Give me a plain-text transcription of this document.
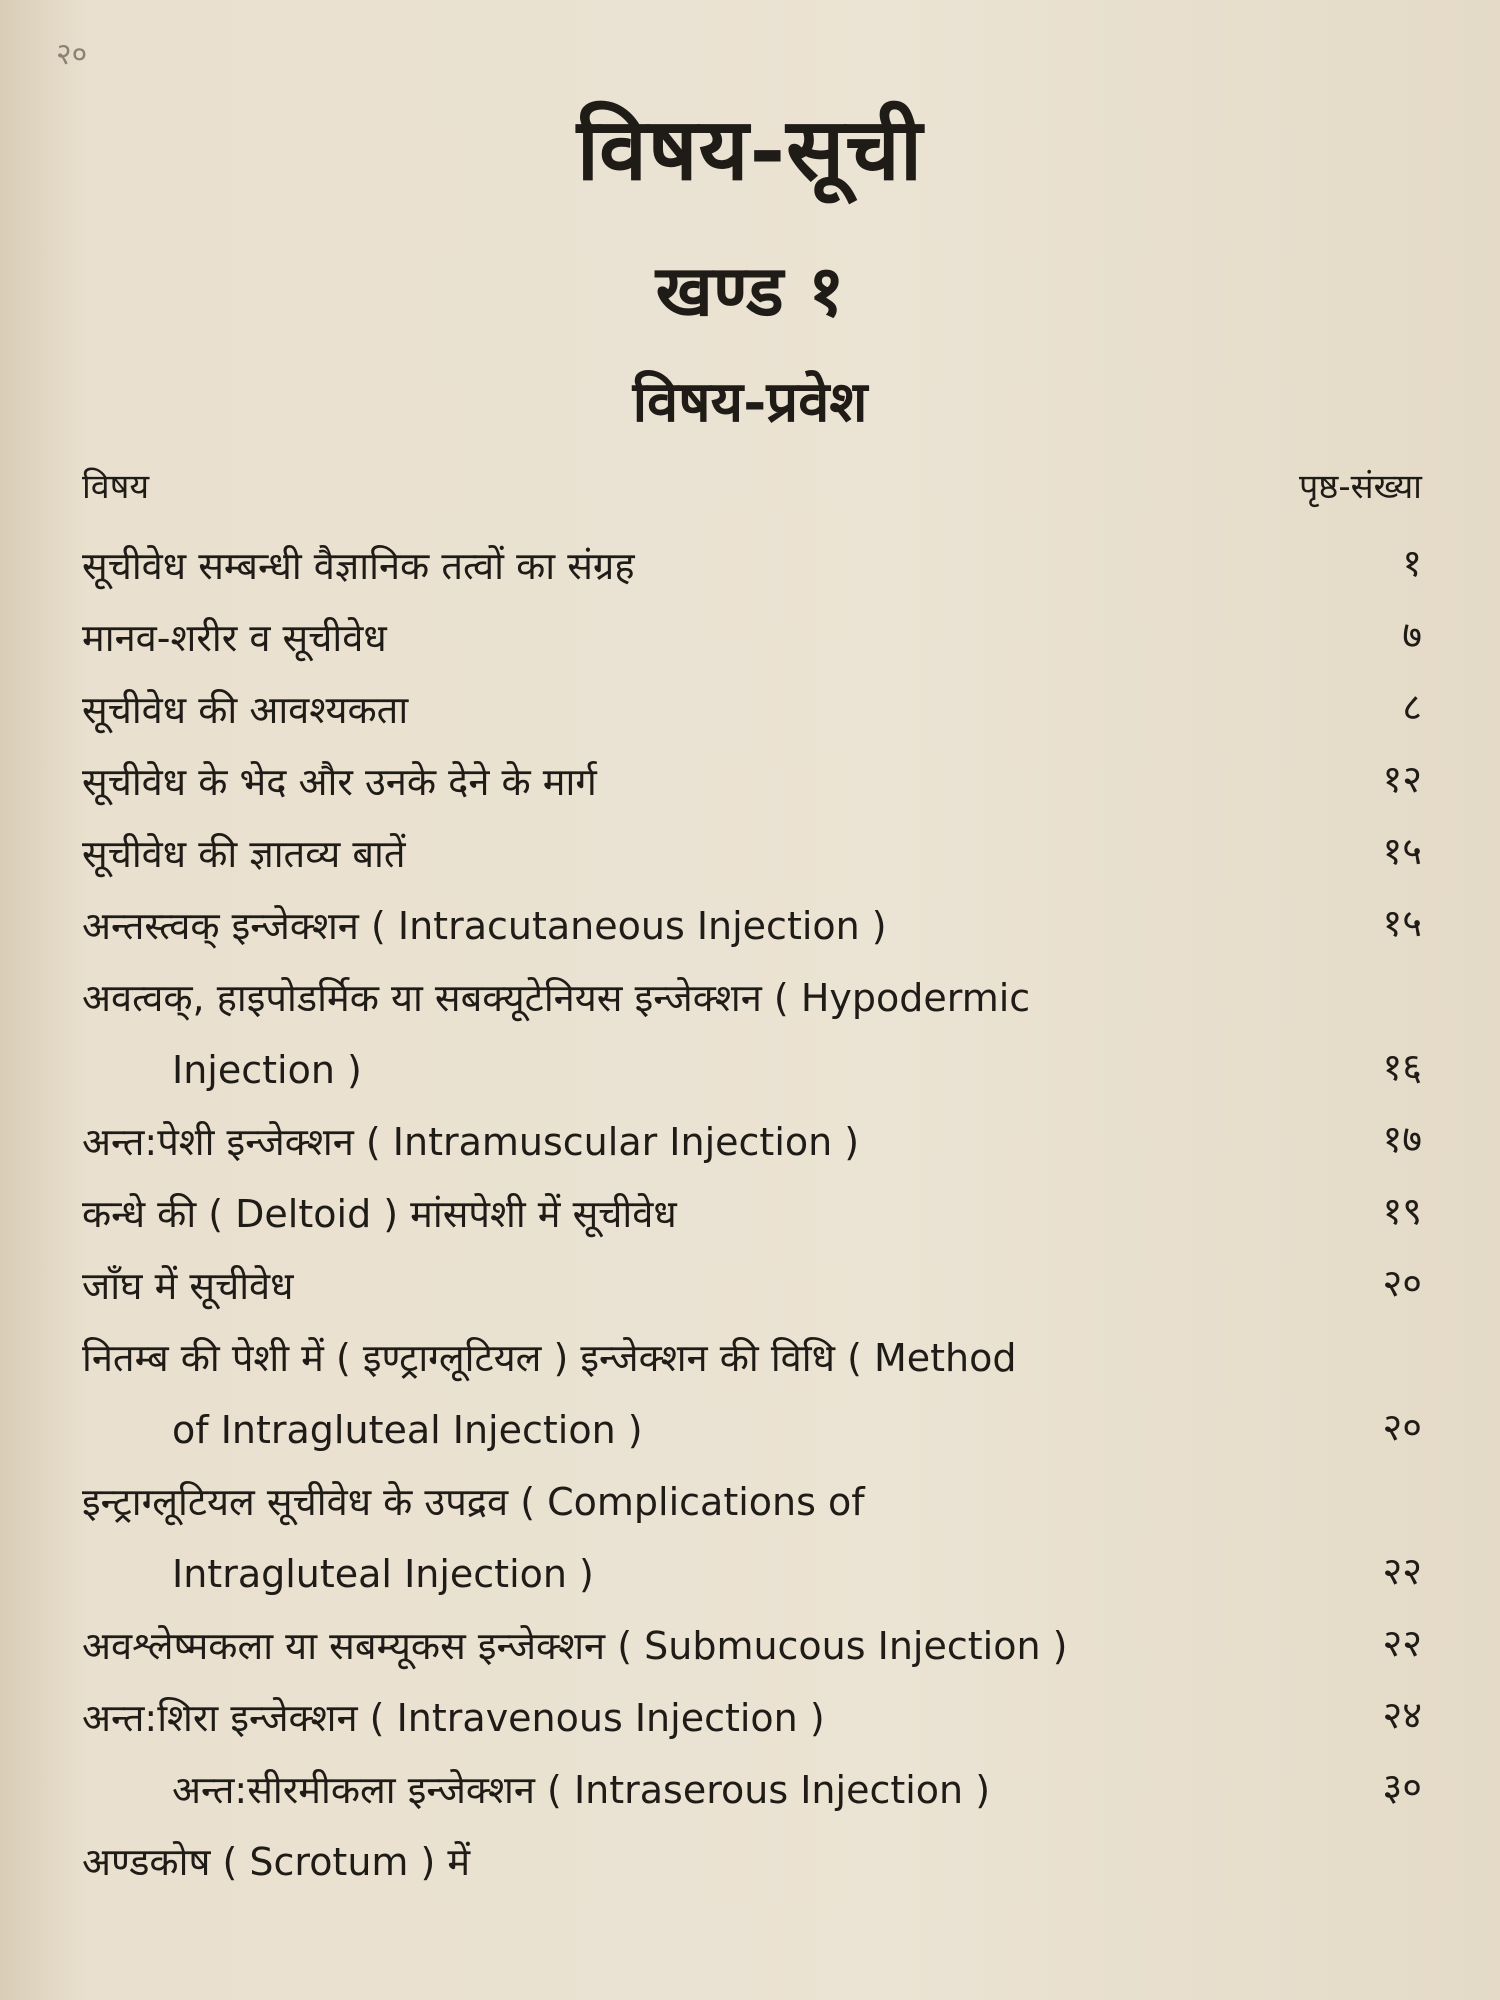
२०
विषय-सूची
खण्ड १
विषय-प्रवेश
विषय	पृष्ठ-संख्या
सूचीवेध सम्बन्धी वैज्ञानिक तत्वों का संग्रह	१
मानव-शरीर व सूचीवेध	७
सूचीवेध की आवश्यकता	८
सूचीवेध के भेद और उनके देने के मार्ग	१२
सूचीवेध की ज्ञातव्य बातें	१५
अन्तस्त्वक् इन्जेक्शन ( Intracutaneous Injection )	१५
अवत्वक्, हाइपोडर्मिक या सबक्यूटेनियस इन्जेक्शन ( Hypodermic
Injection )	१६
अन्त:पेशी इन्जेक्शन ( Intramuscular Injection )	१७
कन्धे की ( Deltoid ) मांसपेशी में सूचीवेध	१९
जाँघ में सूचीवेध	२०
नितम्ब की पेशी में ( इण्ट्राग्लूटियल ) इन्जेक्शन की विधि ( Method
of Intragluteal Injection )	२०
इन्ट्राग्लूटियल सूचीवेध के उपद्रव ( Complications of
Intragluteal Injection )	२२
अवश्लेष्मकला या सबम्यूकस इन्जेक्शन ( Submucous Injection )	२२
अन्त:शिरा इन्जेक्शन ( Intravenous Injection )	२४
अन्त:सीरमीकला इन्जेक्शन ( Intraserous Injection )	३०
अण्डकोष ( Scrotum ) में
